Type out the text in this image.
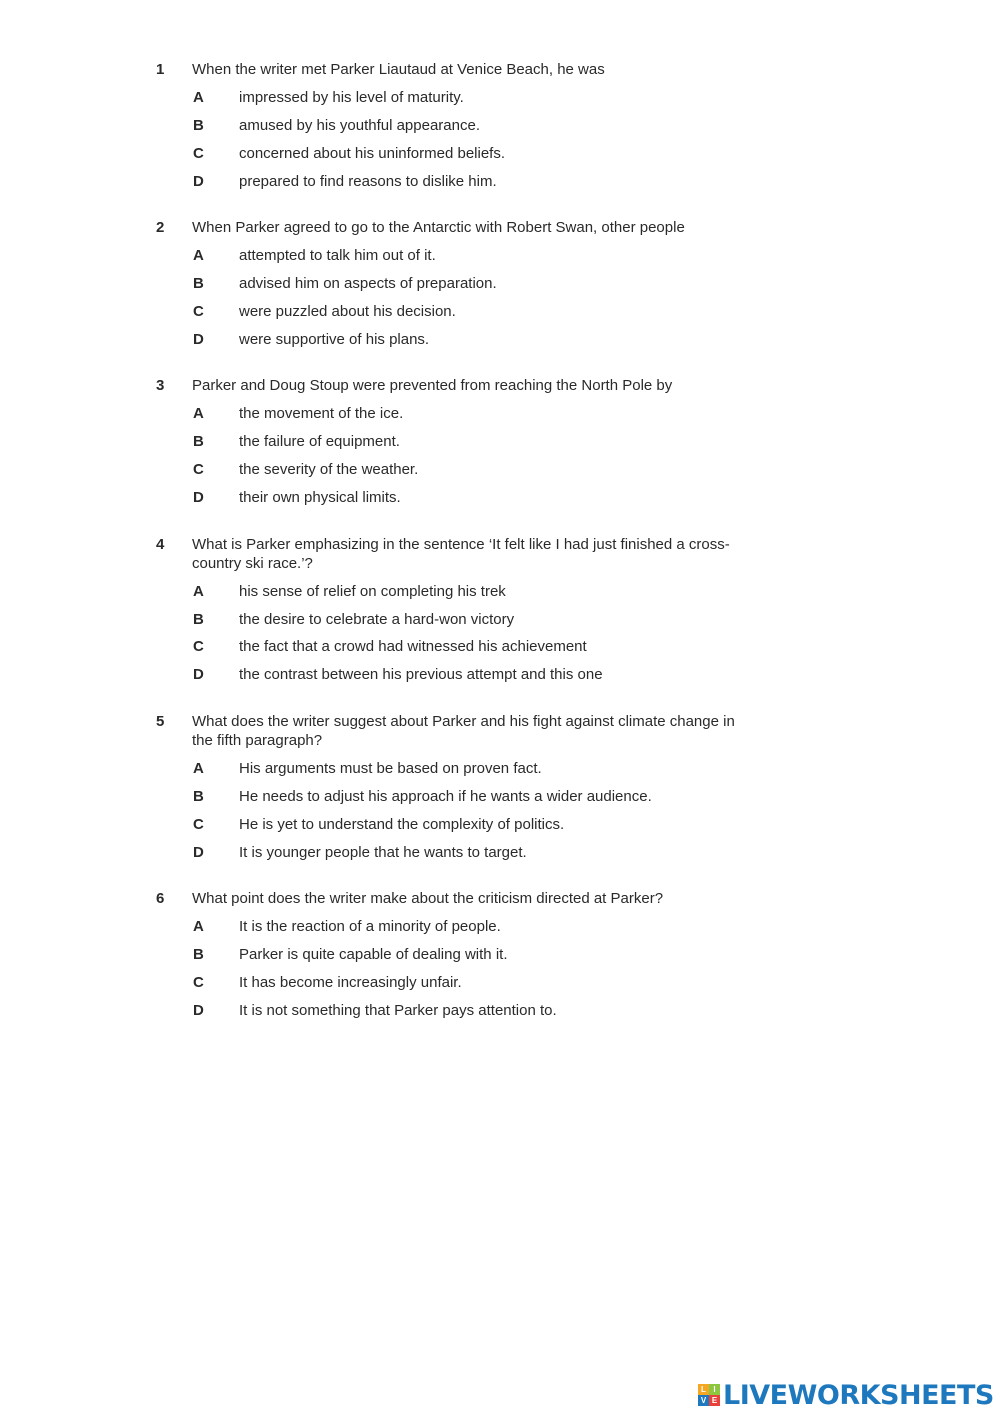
1 When the writer met Parker Liautaud at Venice Beach, he was
A impressed by his level of maturity.
B amused by his youthful appearance.
C concerned about his uninformed beliefs.
D prepared to find reasons to dislike him.
2 When Parker agreed to go to the Antarctic with Robert Swan, other people
A attempted to talk him out of it.
B advised him on aspects of preparation.
C were puzzled about his decision.
D were supportive of his plans.
3 Parker and Doug Stoup were prevented from reaching the North Pole by
A the movement of the ice.
B the failure of equipment.
C the severity of the weather.
D their own physical limits.
4 What is Parker emphasizing in the sentence ‘It felt like I had just finished a cross-country ski race.’?
A his sense of relief on completing his trek
B the desire to celebrate a hard-won victory
C the fact that a crowd had witnessed his achievement
D the contrast between his previous attempt and this one
5 What does the writer suggest about Parker and his fight against climate change in the fifth paragraph?
A His arguments must be based on proven fact.
B He needs to adjust his approach if he wants a wider audience.
C He is yet to understand the complexity of politics.
D It is younger people that he wants to target.
6 What point does the writer make about the criticism directed at Parker?
A It is the reaction of a minority of people.
B Parker is quite capable of dealing with it.
C It has become increasingly unfair.
D It is not something that Parker pays attention to.
L I
V E LIVEWORKSHEETS
